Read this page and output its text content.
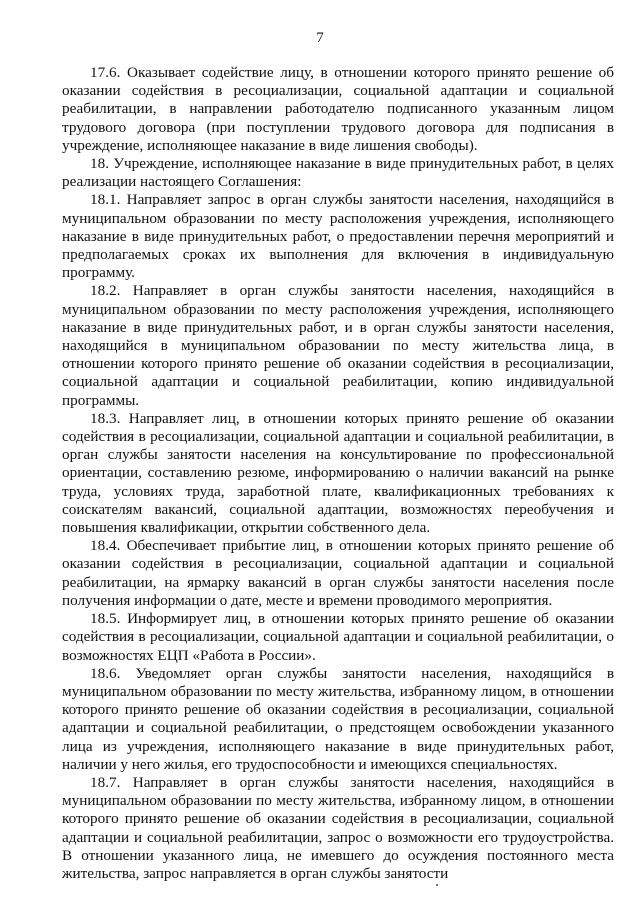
7

17.6. Оказывает содействие лицу, в отношении которого принято решение об оказании содействия в ресоциализации, социальной адаптации и социальной реабилитации, в направлении работодателю подписанного указанным лицом трудового договора (при поступлении трудового договора для подписания в учреждение, исполняющее наказание в виде лишения свободы).

18. Учреждение, исполняющее наказание в виде принудительных работ, в целях реализации настоящего Соглашения:

18.1. Направляет запрос в орган службы занятости населения, находящийся в муниципальном образовании по месту расположения учреждения, исполняющего наказание в виде принудительных работ, о предоставлении перечня мероприятий и предполагаемых сроках их выполнения для включения в индивидуальную программу.

18.2. Направляет в орган службы занятости населения, находящийся в муниципальном образовании по месту расположения учреждения, исполняющего наказание в виде принудительных работ, и в орган службы занятости населения, находящийся в муниципальном образовании по месту жительства лица, в отношении которого принято решение об оказании содействия в ресоциализации, социальной адаптации и социальной реабилитации, копию индивидуальной программы.

18.3. Направляет лиц, в отношении которых принято решение об оказании содействия в ресоциализации, социальной адаптации и социальной реабилитации, в орган службы занятости населения на консультирование по профессиональной ориентации, составлению резюме, информированию о наличии вакансий на рынке труда, условиях труда, заработной плате, квалификационных требованиях к соискателям вакансий, социальной адаптации, возможностях переобучения и повышения квалификации, открытии собственного дела.

18.4. Обеспечивает прибытие лиц, в отношении которых принято решение об оказании содействия в ресоциализации, социальной адаптации и социальной реабилитации, на ярмарку вакансий в орган службы занятости населения после получения информации о дате, месте и времени проводимого мероприятия.

18.5. Информирует лиц, в отношении которых принято решение об оказании содействия в ресоциализации, социальной адаптации и социальной реабилитации, о возможностях ЕЦП «Работа в России».

18.6. Уведомляет орган службы занятости населения, находящийся в муниципальном образовании по месту жительства, избранному лицом, в отношении которого принято решение об оказании содействия в ресоциализации, социальной адаптации и социальной реабилитации, о предстоящем освобождении указанного лица из учреждения, исполняющего наказание в виде принудительных работ, наличии у него жилья, его трудоспособности и имеющихся специальностях.

18.7. Направляет в орган службы занятости населения, находящийся в муниципальном образовании по месту жительства, избранному лицом, в отношении которого принято решение об оказании содействия в ресоциализации, социальной адаптации и социальной реабилитации, запрос о возможности его трудоустройства. В отношении указанного лица, не имевшего до осуждения постоянного места жительства, запрос направляется в орган службы занятости
